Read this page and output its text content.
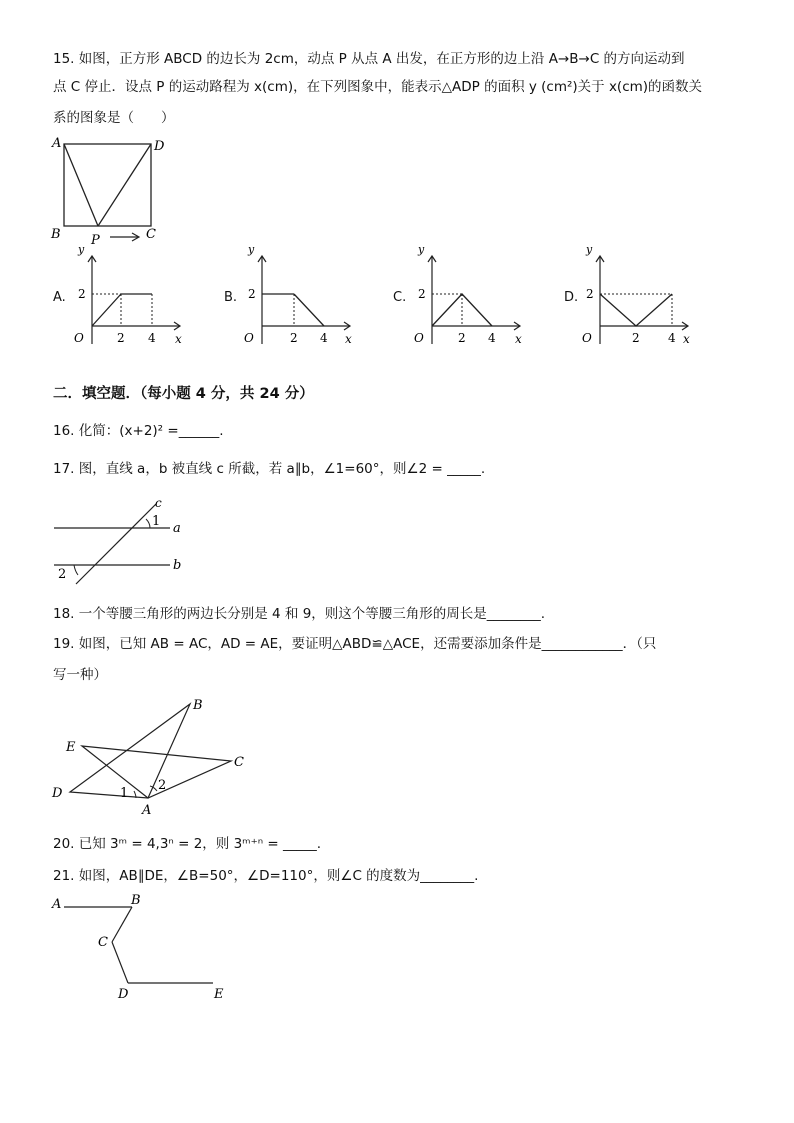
15. 如图，正方形 ABCD 的边长为 2cm，动点 P 从点 A 出发，在正方形的边上沿 A→B→C 的方向运动到
点 C 停止．设点 P 的运动路程为 x(cm)，在下列图象中，能表示△ADP 的面积 y (cm²)关于 x(cm)的函数关
系的图象是（　　）
A	D
B	C
P
A.
y
2
O	2 4 x
B.
y
2
O	2 4 x
C.
y
2
O	2 4 x
D.
y
2
O	2 4 x
二．填空题．（每小题 4 分，共 24 分）
16. 化简：(x+2)² =______.
17. 图，直线 a，b 被直线 c 所截，若 a∥b，∠1=60°，则∠2 = _____.
c
1 a
b
2
18. 一个等腰三角形的两边长分别是 4 和 9，则这个等腰三角形的周长是________.
19. 如图，已知 AB = AC，AD = AE，要证明△ABD≌△ACE，还需要添加条件是____________．（只
写一种）
B
E
C
D	1
2
A
20. 已知 3ᵐ = 4,3ⁿ = 2，则 3ᵐ⁺ⁿ = _____.
21. 如图，AB∥DE，∠B=50°，∠D=110°，则∠C 的度数为________.
A	B
C
D	E
